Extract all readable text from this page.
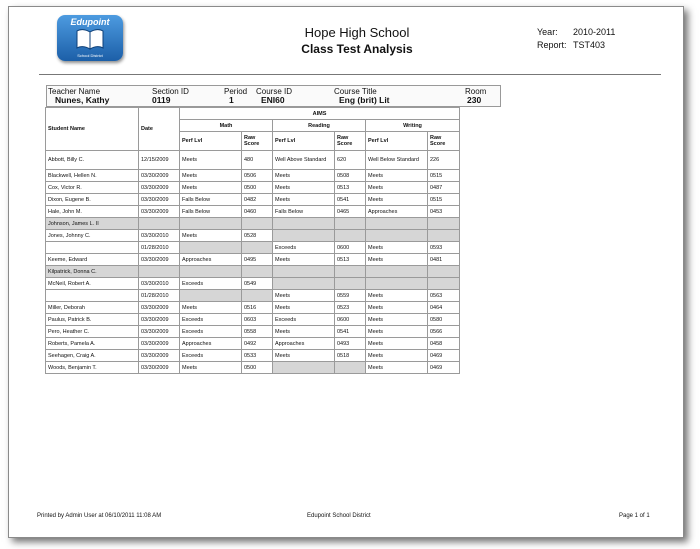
Edupoint
School District
Hope High School
Class Test Analysis
Year: 2010-2011
Report: TST403
Teacher Name
Nunes, Kathy
Section ID
0119
Period
1
Course ID
ENI60
Course Title
Eng (brit) Lit
Room
230
Student Name	Date	AIMS					
		Math		Reading		Writing	
		Perf Lvl	Raw Score	Perf Lvl	Raw Score	Perf Lvl	Raw Score
Abbott, Billy C.	12/15/2009	Meets	480	Well Above Standard	620	Well Below Standard	226
Blackwell, Hellen N.	03/30/2009	Meets	0506	Meets	0508	Meets	0515
Cox, Victor R.	03/30/2009	Meets	0500	Meets	0513	Meets	0487
Dixon, Eugene B.	03/30/2009	Falls Below	0482	Meets	0541	Meets	0515
Hale, John M.	03/30/2009	Falls Below	0460	Falls Below	0465	Approaches	0453
Johnson, James L. II							
Jones, Johnny C.	03/30/2010	Meets	0528				
	01/28/2010			Exceeds	0600	Meets	0593
Keeme, Edward	03/30/2009	Approaches	0495	Meets	0513	Meets	0481
Kilpatrick, Donna C.							
McNeil, Robert A.	03/30/2010	Exceeds	0549				
	01/28/2010			Meets	0559	Meets	0563
Miller, Deborah	03/30/2009	Meets	0516	Meets	0523	Meets	0464
Paulus, Patrick B.	03/30/2009	Exceeds	0603	Exceeds	0600	Meets	0580
Pero, Heather C.	03/30/2009	Exceeds	0558	Meets	0541	Meets	0566
Roberts, Pamela A.	03/30/2009	Approaches	0492	Approaches	0493	Meets	0458
Seehagen, Craig A.	03/30/2009	Exceeds	0533	Meets	0518	Meets	0469
Woods, Benjamin T.	03/30/2009	Meets	0500			Meets	0469
Printed by Admin User at 06/10/2011 11:08 AM	Edupoint School District	Page 1 of 1
